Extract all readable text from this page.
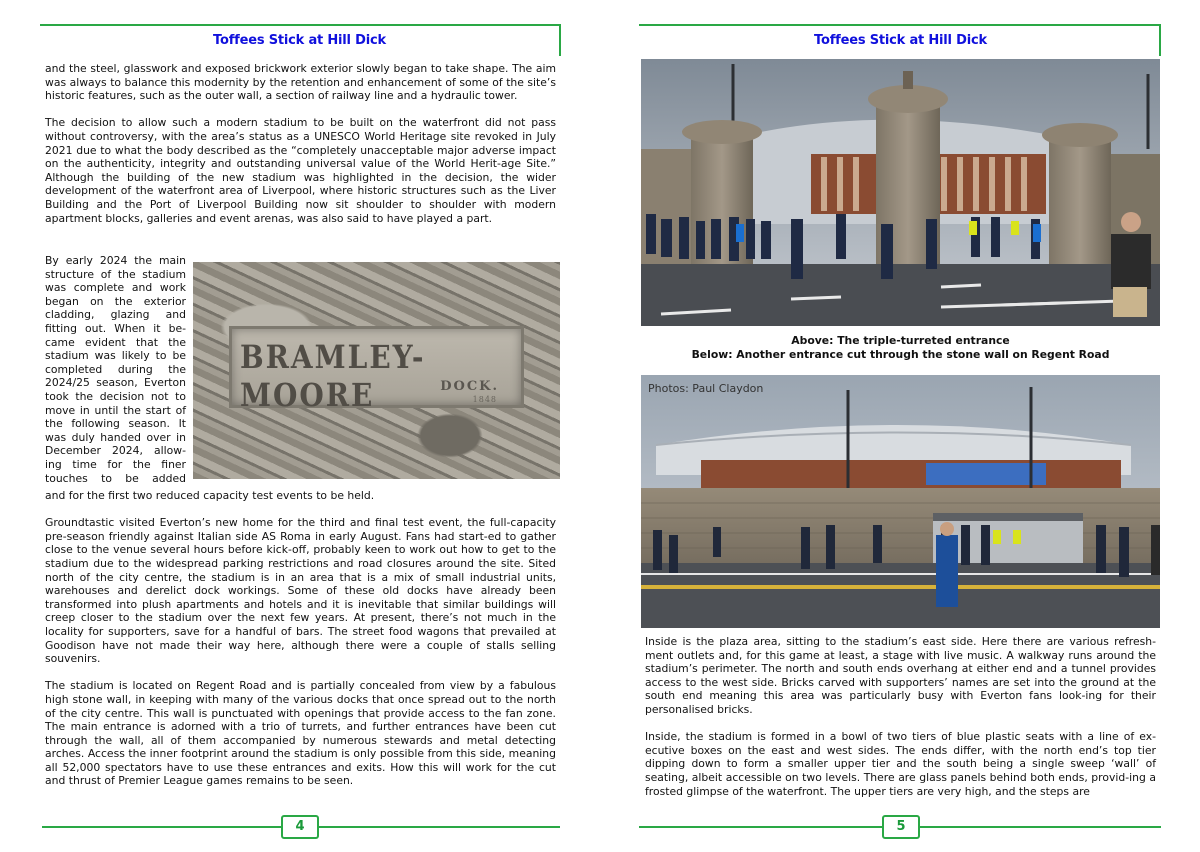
Toffees Stick at Hill Dick

and the steel, glasswork and exposed brickwork exterior slowly began to take shape. The aim was always to balance this modernity by the retention and enhancement of some of the site’s historic features, such as the outer wall, a section of railway line and a hydraulic tower.

The decision to allow such a modern stadium to be built on the waterfront did not pass without controversy, with the area’s status as a UNESCO World Heritage site revoked in July 2021 due to what the body described as the “completely unacceptable major adverse impact on the authenticity, integrity and outstanding universal value of the World Herit-age Site.” Although the building of the new stadium was highlighted in the decision, the wider development of the waterfront area of Liverpool, where historic structures such as the Liver Building and the Port of Liverpool Building now sit shoulder to shoulder with modern apartment blocks, galleries and event arenas, was also said to have played a part.

By early 2024 the main
structure of the stadium
was complete and work
began on the exterior
cladding, glazing and
fitting out. When it be-
came evident that the
stadium was likely to be
completed during the
2024/25 season, Everton
took the decision not to
move in until the start of
the following season. It
was duly handed over in
December 2024, allow-
ing time for the finer
touches to be added
BRAMLEY-MOORE	DOCK.
1848

and for the first two reduced capacity test events to be held.

Groundtastic visited Everton’s new home for the third and final test event, the full-capacity pre-season friendly against Italian side AS Roma in early August. Fans had start-ed to gather close to the venue several hours before kick-off, probably keen to work out how to get to the stadium due to the widespread parking restrictions and road closures around the site. Sited north of the city centre, the stadium is in an area that is a mix of small industrial units, warehouses and derelict dock workings. Some of these old docks have already been transformed into plush apartments and hotels and it is inevitable that similar buildings will creep closer to the stadium over the next few years. At present, there’s not much in the locality for supporters, save for a handful of bars. The street food wagons that prevailed at Goodison have not made their way here, although there were a couple of stalls selling souvenirs.

The stadium is located on Regent Road and is partially concealed from view by a fabulous high stone wall, in keeping with many of the various docks that once spread out to the north of the city centre. This wall is punctuated with openings that provide access to the fan zone. The main entrance is adorned with a trio of turrets, and further entrances have been cut through the wall, all of them accompanied by numerous stewards and metal detecting arches. Access the inner footprint around the stadium is only possible from this side, meaning all 52,000 spectators have to use these entrances and exits. How this will work for the cut and thrust of Premier League games remains to be seen.

4
Toffees Stick at Hill Dick
Above: The triple-turreted entrance
Below: Another entrance cut through the stone wall on Regent Road
Photos: Paul Claydon

Inside is the plaza area, sitting to the stadium’s east side. Here there are various refresh-ment outlets and, for this game at least, a stage with live music. A walkway runs around the stadium’s perimeter. The north and south ends overhang at either end and a tunnel provides access to the west side. Bricks carved with supporters’ names are set into the ground at the south end meaning this area was particularly busy with Everton fans look-ing for their personalised bricks.

Inside, the stadium is formed in a bowl of two tiers of blue plastic seats with a line of ex-ecutive boxes on the east and west sides. The ends differ, with the north end’s top tier dipping down to form a smaller upper tier and the south being a single sweep ‘wall’ of seating, albeit accessible on two levels. There are glass panels behind both ends, provid-ing a frosted glimpse of the waterfront. The upper tiers are very high, and the steps are

5
